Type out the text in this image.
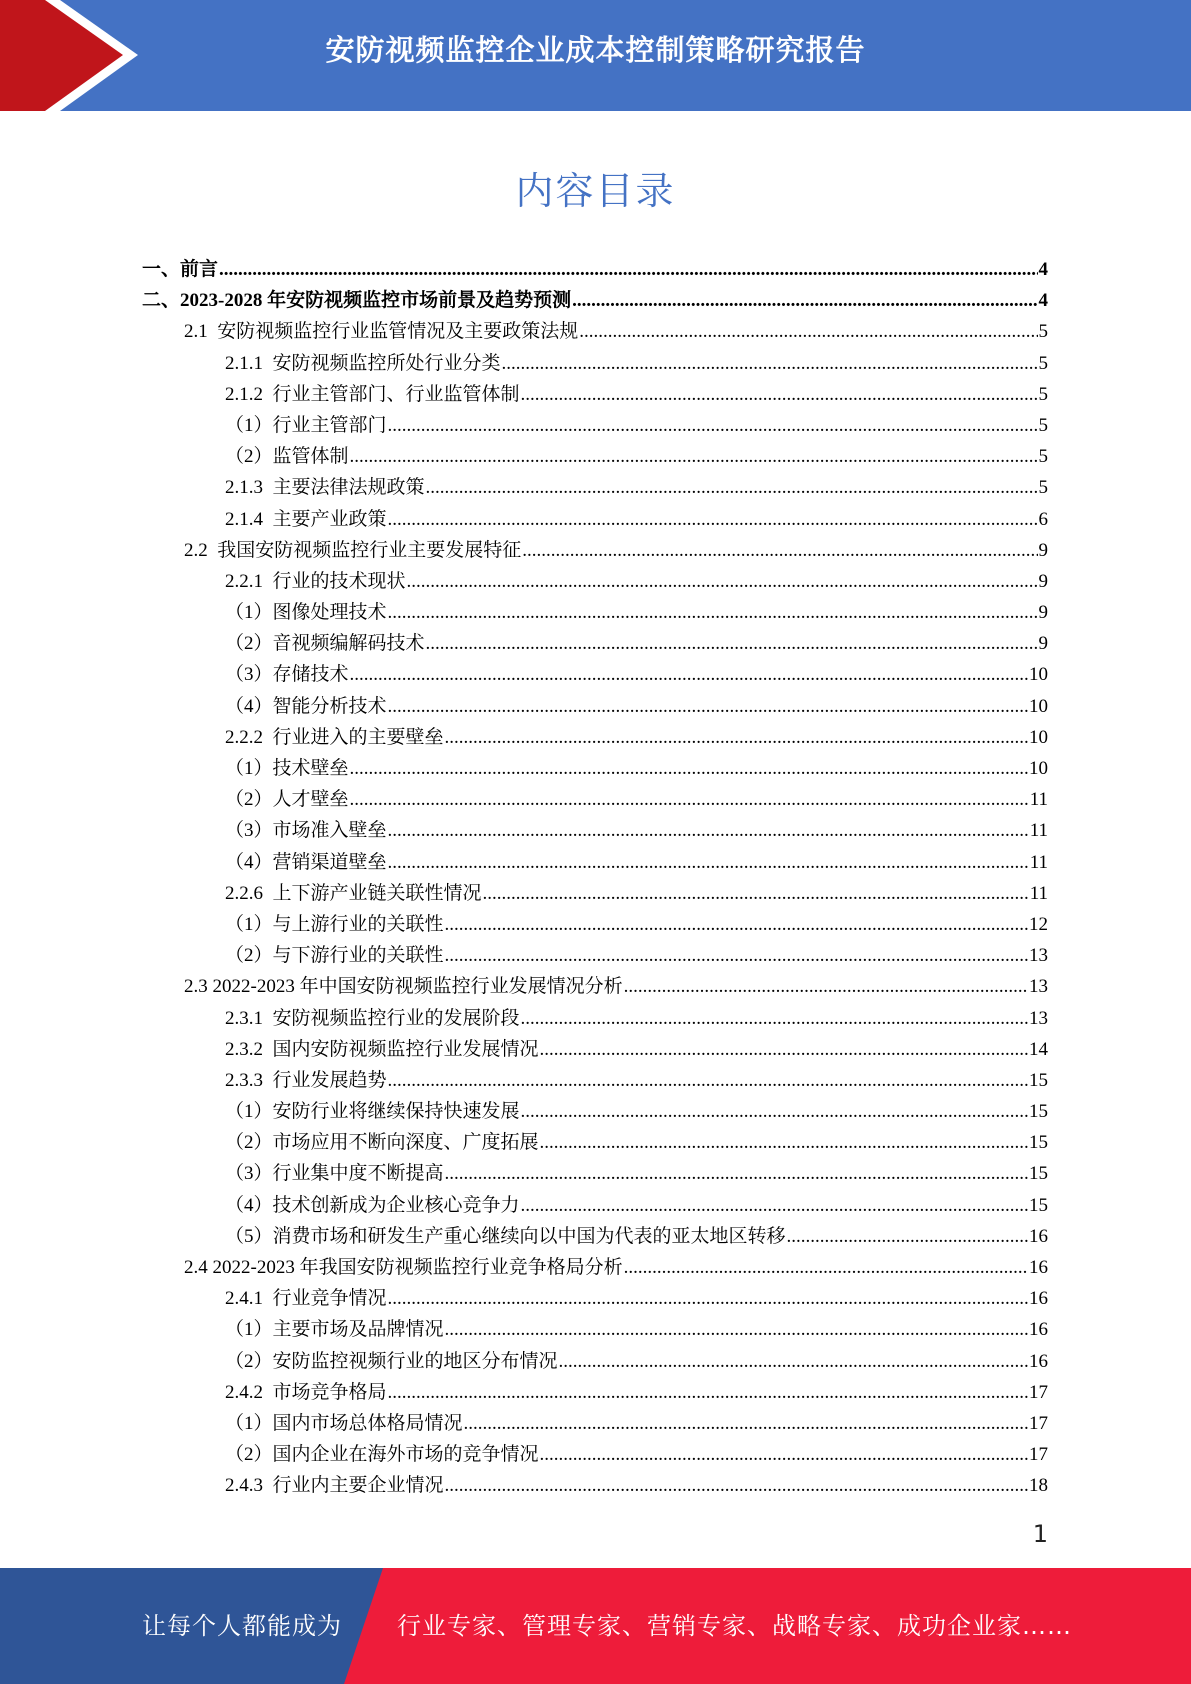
安防视频监控企业成本控制策略研究报告
内容目录
一、前言 .....	4
二、2023-2028 年安防视频监控市场前景及趋势预测 .....	4
2.1  安防视频监控行业监管情况及主要政策法规 .....	5
2.1.1  安防视频监控所处行业分类 .....	5
2.1.2  行业主管部门、行业监管体制 .....	5
（1）行业主管部门 .....	5
（2）监管体制 .....	5
2.1.3  主要法律法规政策 .....	5
2.1.4  主要产业政策 .....	6
2.2  我国安防视频监控行业主要发展特征 .....	9
2.2.1  行业的技术现状 .....	9
（1）图像处理技术 .....	9
（2）音视频编解码技术 .....	9
（3）存储技术 .....	10
（4）智能分析技术 .....	10
2.2.2  行业进入的主要壁垒 .....	10
（1）技术壁垒 .....	10
（2）人才壁垒 .....	11
（3）市场准入壁垒 .....	11
（4）营销渠道壁垒 .....	11
2.2.6  上下游产业链关联性情况 .....	11
（1）与上游行业的关联性 .....	12
（2）与下游行业的关联性 .....	13
2.3 2022-2023 年中国安防视频监控行业发展情况分析 .....	13
2.3.1  安防视频监控行业的发展阶段 .....	13
2.3.2  国内安防视频监控行业发展情况 .....	14
2.3.3  行业发展趋势 .....	15
（1）安防行业将继续保持快速发展 .....	15
（2）市场应用不断向深度、广度拓展 .....	15
（3）行业集中度不断提高 .....	15
（4）技术创新成为企业核心竞争力 .....	15
（5）消费市场和研发生产重心继续向以中国为代表的亚太地区转移 .....	16
2.4 2022-2023 年我国安防视频监控行业竞争格局分析 .....	16
2.4.1  行业竞争情况 .....	16
（1）主要市场及品牌情况 .....	16
（2）安防监控视频行业的地区分布情况 .....	16
2.4.2  市场竞争格局 .....	17
（1）国内市场总体格局情况 .....	17
（2）国内企业在海外市场的竞争情况 .....	17
2.4.3  行业内主要企业情况 .....	18
1
让每个人都能成为 行业专家、管理专家、营销专家、战略专家、成功企业家……
